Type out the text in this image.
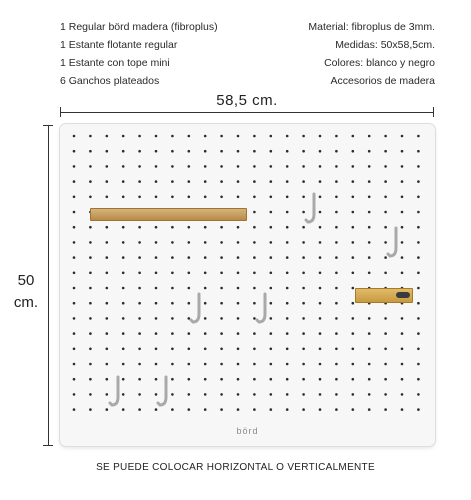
1 Regular börd madera (fibroplus)
1 Estante flotante regular
1 Estante con tope mini
6 Ganchos plateados
Material: fibroplus de 3mm.
Medidas: 50x58,5cm.
Colores: blanco y negro
Accesorios de madera
58,5 cm.
50
cm.
börd
SE PUEDE COLOCAR HORIZONTAL O VERTICALMENTE
